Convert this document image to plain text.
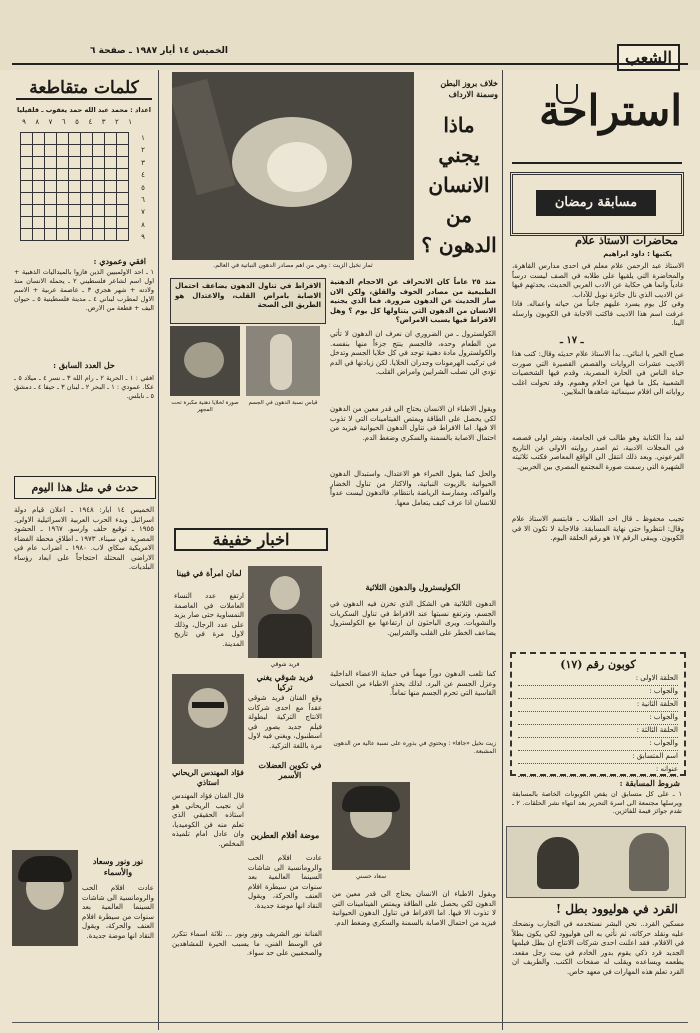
الشعب
الخميس ١٤ أيار ١٩٨٧ ـ صفحة ٦
استراحة
مسابقة رمضان
محاضرات الاستاذ علام
يكتبها : داود ابراهيم
الاستاذ عبد الرحمن علام معلم في احدى مدارس القاهرة، والمحاضرة التي يلقيها على طلابه في الصف ليست درساً عادياً وانما هي حكاية عن الادب العربي الحديث، يحدثهم فيها عن الاديب الذي نال جائزة نوبل للآداب.
وفي كل يوم يسرد عليهم جانباً من حياته واعماله. فاذا عرفت اسم هذا الاديب فاكتب الاجابة في الكوبون وارسله الينا.
ـ ١٧ ـ
صباح الخير يا ابنائي.. بدأ الاستاذ علام حديثه وقال: كتب هذا الاديب عشرات الروايات والقصص القصيرة التي صورت حياة الناس في الحارة المصرية، وقدم فيها الشخصيات الشعبية بكل ما فيها من احلام وهموم. وقد تحولت اغلب رواياته الى افلام سينمائية شاهدها الملايين.
لقد بدأ الكتابة وهو طالب في الجامعة، ونشر اولى قصصه في المجلات الادبية، ثم اصدر روايته الاولى عن التاريخ الفرعوني. وبعد ذلك انتقل الى الواقع المعاصر فكتب ثلاثيته الشهيرة التي رسمت صورة المجتمع المصري بين الحربين.
تجيب محفوظ ـ قال احد الطلاب ـ فابتسم الاستاذ علام وقال: انتظروا حتى نهاية المسابقة. فالاجابة لا تكون الا في الكوبون. ويبقى الرقم ١٧ هو رقم الحلقة اليوم.
كوبون رقم (١٧)
الحلقة الاولى :
والجواب :
الحلقة الثانية :
والجواب :
الحلقة الثالثة :
والجواب :
اسم المتسابق :
عنوانه :
شروط المسابقة :
١ ـ على كل متسابق ان يقص الكوبونات الخاصة بالمسابقة ويرسلها مجتمعة الى اسرة التحرير بعد انتهاء نشر الحلقات. ٢ ـ تقدم جوائز قيمة للفائزين.
القرد في هوليوود بطل !
مسكين القرد.. نحن البشر نستخدمه في التجارب ونضحك عليه ونقلد حركاته، ثم نأتي به الى هوليوود لكي يكون بطلاً في الافلام. فقد اعلنت احدى شركات الانتاج ان بطل فيلمها الجديد قرد ذكي يقوم بدور الخادم في بيت رجل مقعد، يطعمه ويساعده ويقلب له صفحات الكتب. والطريف ان القرد تعلم هذه المهارات في معهد خاص.
ثمار نخيل الزيت : وهي من اهم مصادر الدهون النباتية في العالم.
خلاف بروز البطن وسمنة الارداف
ماذا يجني الانسان من الدهون ؟
منذ ٢٥ عاماً كان الانحراف عن الاحجام الدهنية الطبيعية من مصادر الخوف والقلق، ولكن الان صار الحديث عن الدهون ضرورة. فما الذي يجنيه الانسان من الدهون التي يتناولها كل يوم ؟ وهل الافراط فيها يسبب الامراض؟
الافراط في تناول الدهون يضاعف احتمال الاصابة بامراض القلب، والاعتدال هو الطريق الى الصحة
صورة لخلايا دهنية مكبرة تحت المجهر
قياس نسبة الدهون في الجسم
الكولسترول ـ من الضروري ان نعرف ان الدهون لا تأتي من الطعام وحده، فالجسم ينتج جزءاً منها بنفسه. والكولسترول مادة دهنية توجد في كل خلايا الجسم وتدخل في تركيب الهرمونات وجدران الخلايا. لكن زيادتها في الدم تؤدي الى تصلب الشرايين وامراض القلب.
ويقول الاطباء ان الانسان يحتاج الى قدر معين من الدهون لكي يحصل على الطاقة ويمتص الفيتامينات التي لا تذوب الا فيها. اما الافراط في تناول الدهون الحيوانية فيزيد من احتمال الاصابة بالسمنة والسكري وضغط الدم.
والحل كما يقول الخبراء هو الاعتدال، واستبدال الدهون الحيوانية بالزيوت النباتية، والاكثار من تناول الخضار والفواكه، وممارسة الرياضة بانتظام. فالدهون ليست عدواً للانسان اذا عرف كيف يتعامل معها.
الدهون الثلاثية هي الشكل الذي تخزن فيه الدهون في الجسم، وترتفع نسبتها عند الافراط في تناول السكريات والنشويات. ويرى الباحثون ان ارتفاعها مع الكولسترول يضاعف الخطر على القلب والشرايين.
الكوليسترول والدهون الثلاثية
في تكوين العضلات الأسمر
كما تلعب الدهون دوراً مهماً في حماية الاعضاء الداخلية وعزل الجسم عن البرد. لذلك يحذر الاطباء من الحميات القاسية التي تحرم الجسم منها تماماً.
زيت نخيل «جافا» : ويحتوي في بذوره على نسبة عالية من الدهون المشبعة.
اخبار خفيفة
فريد شوقي
لمان امرأة في فيينا
ارتفع عدد النساء العاملات في العاصمة النمساوية حتى صار يزيد على عدد الرجال، وذلك لاول مرة في تاريخ المدينة.
فريد شوقي يغني تركيا
وقع الفنان فريد شوقي عقداً مع احدى شركات الانتاج التركية لبطولة فيلم جديد يصور في اسطنبول، ويغني فيه لاول مرة باللغة التركية.
فؤاد المهندس الريحاني استاذي
قال الفنان فؤاد المهندس ان نجيب الريحاني هو استاذه الحقيقي الذي تعلم منه فن الكوميديا، وان عادل امام تلميذه المخلص.
موضة أفلام العطرين
عادت افلام الحب والرومانسية الى شاشات السينما العالمية بعد سنوات من سيطرة افلام العنف والحركة، ويقول النقاد انها موضة جديدة.
سعاد حسني
الفنانة نور الشريف ونور ونور ... ثلاثة اسماء تتكرر في الوسط الفني، ما يسبب الحيرة للمشاهدين والصحفيين على حد سواء.
ويقول الاطباء ان الانسان يحتاج الى قدر معين من الدهون لكي يحصل على الطاقة ويمتص الفيتامينات التي لا تذوب الا فيها. اما الافراط في تناول الدهون الحيوانية فيزيد من احتمال الاصابة بالسمنة والسكري وضغط الدم.
كلمات متقاطعة
اعداد : محمد عبد الله حمد يعقوب ـ قلقيليا
١
٢
٣
٤
٥
٦
٧
٨
٩
١
٢
٣
٤
٥
٦
٧
٨
٩

افقي وعمودي :
١ ـ احد الاولمبيين الذين فازوا بالميداليات الذهبية + اول اسم لشاعر فلسطيني ٢ ـ يحمله الانسان منذ ولادته + شهر هجري ٣ ـ عاصمة عربية + الاسم الاول لمطرب لبناني ٤ ـ مدينة فلسطينية ٥ ـ حيوان اليف + قطعة من الارض.
حل العدد السابق :
افقي : ١ ـ الحرية ٢ ـ رام الله ٣ ـ نسر ٤ ـ ميلاد ٥ ـ عكا. عمودي : ١ ـ البحر ٢ ـ لبنان ٣ ـ حيفا ٤ ـ دمشق ٥ ـ نابلس.
حدث في مثل هذا اليوم
الخميس ١٤ ايار: ١٩٤٨ ـ اعلان قيام دولة اسرائيل وبدء الحرب العربية الاسرائيلية الاولى. ١٩٥٥ ـ توقيع حلف وارسو. ١٩٦٧ ـ الحشود المصرية في سيناء. ١٩٧٣ ـ اطلاق محطة الفضاء الامريكية سكاي لاب. ١٩٨٠ ـ اضراب عام في الاراضي المحتلة احتجاجاً على ابعاد رؤساء البلديات.
نور ونور وسعاد والأسماء
عادت افلام الحب والرومانسية الى شاشات السينما العالمية بعد سنوات من سيطرة افلام العنف والحركة، ويقول النقاد انها موضة جديدة.
